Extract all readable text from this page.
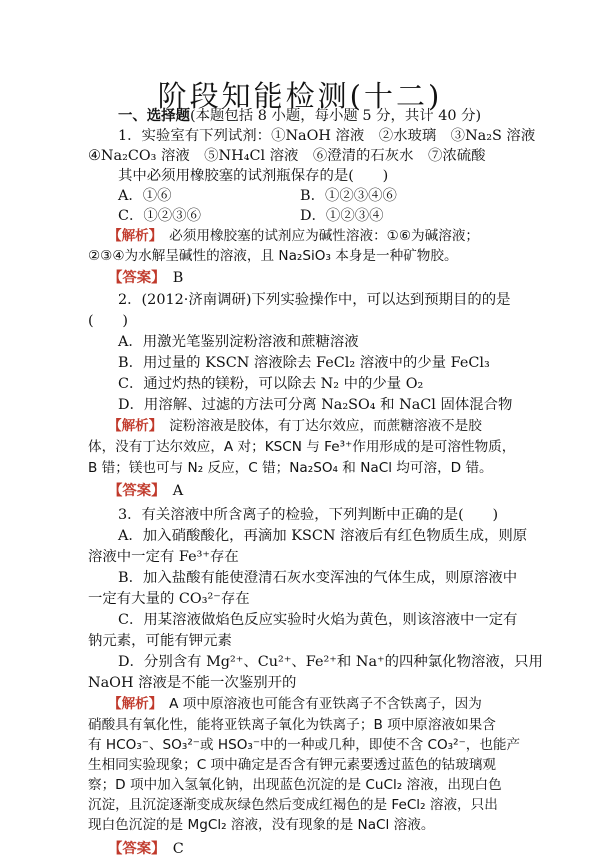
阶段知能检测(十二)
一、选择题(本题包括 8 小题，每小题 5 分，共计 40 分)
1．实验室有下列试剂：①NaOH 溶液　②水玻璃　③Na₂S 溶液
④Na₂CO₃ 溶液　⑤NH₄Cl 溶液　⑥澄清的石灰水　⑦浓硫酸
其中必须用橡胶塞的试剂瓶保存的是(　　)
A．①⑥	B．①②③④⑥
C．①②③⑥	D．①②③④
【解析】　 必须用橡胶塞的试剂应为碱性溶液：①⑥为碱溶液；
②③④为水解呈碱性的溶液，且 Na₂SiO₃ 本身是一种矿物胶。
【答案】　 B
2．(2012·济南调研)下列实验操作中，可以达到预期目的的是
(　　)
A．用激光笔鉴别淀粉溶液和蔗糖溶液
B．用过量的 KSCN 溶液除去 FeCl₂ 溶液中的少量 FeCl₃
C．通过灼热的镁粉，可以除去 N₂ 中的少量 O₂
D．用溶解、过滤的方法可分离 Na₂SO₄ 和 NaCl 固体混合物
【解析】　 淀粉溶液是胶体，有丁达尔效应，而蔗糖溶液不是胶
体，没有丁达尔效应，A 对；KSCN 与 Fe³⁺作用形成的是可溶性物质，
B 错；镁也可与 N₂ 反应，C 错；Na₂SO₄ 和 NaCl 均可溶，D 错。
【答案】　 A
3．有关溶液中所含离子的检验，下列判断中正确的是(　　)
A．加入硝酸酸化，再滴加 KSCN 溶液后有红色物质生成，则原
溶液中一定有 Fe³⁺存在
B．加入盐酸有能使澄清石灰水变浑浊的气体生成，则原溶液中
一定有大量的 CO₃²⁻存在
C．用某溶液做焰色反应实验时火焰为黄色，则该溶液中一定有
钠元素，可能有钾元素
D．分别含有 Mg²⁺、Cu²⁺、Fe²⁺和 Na⁺的四种氯化物溶液，只用
NaOH 溶液是不能一次鉴别开的
【解析】　 A 项中原溶液也可能含有亚铁离子不含铁离子，因为
硝酸具有氧化性，能将亚铁离子氧化为铁离子；B 项中原溶液如果含
有 HCO₃⁻、SO₃²⁻或 HSO₃⁻中的一种或几种，即使不含 CO₃²⁻，也能产
生相同实验现象；C 项中确定是否含有钾元素要透过蓝色的钴玻璃观
察；D 项中加入氢氧化钠，出现蓝色沉淀的是 CuCl₂ 溶液，出现白色
沉淀，且沉淀逐渐变成灰绿色然后变成红褐色的是 FeCl₂ 溶液，只出
现白色沉淀的是 MgCl₂ 溶液，没有现象的是 NaCl 溶液。
【答案】　C
